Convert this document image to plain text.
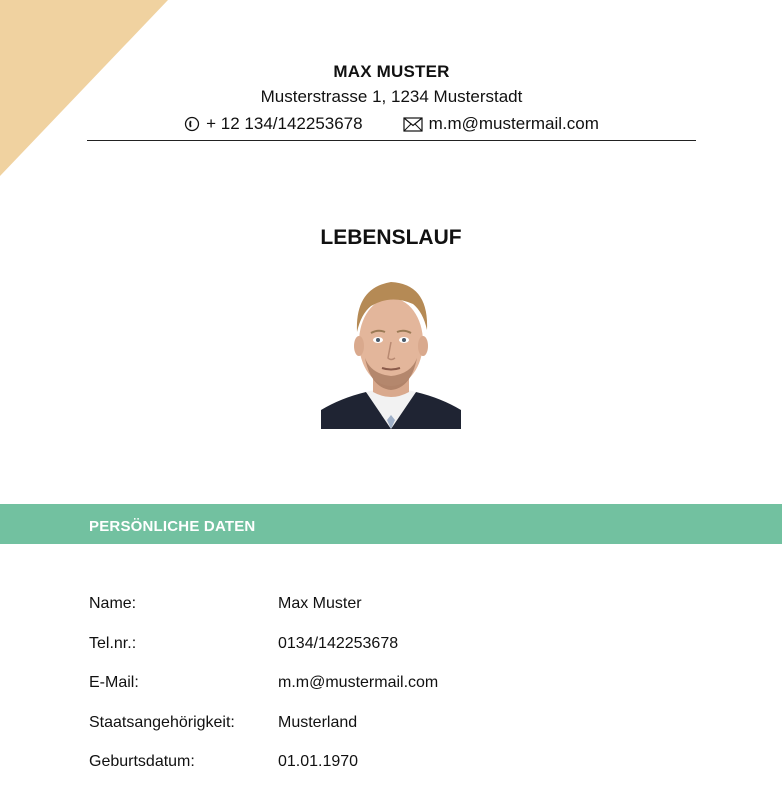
MAX MUSTER
Musterstrasse 1, 1234 Musterstadt
+ 12 134/142253678	m.m@mustermail.com
LEBENSLAUF
PERSÖNLICHE DATEN
Name:	Max Muster
Tel.nr.:	0134/142253678
E-Mail:	m.m@mustermail.com
Staatsangehörigkeit:	Musterland
Geburtsdatum:	01.01.1970
